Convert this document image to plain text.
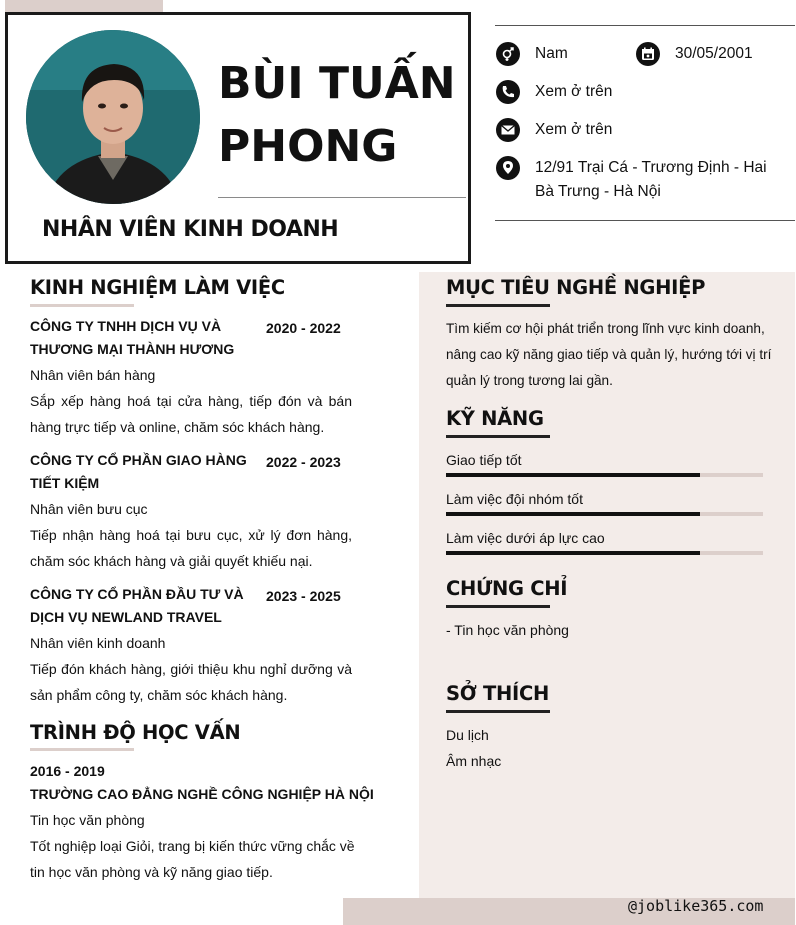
BÙI TUẤN
PHONG
NHÂN VIÊN KINH DOANH
Nam	30/05/2001
Xem ở trên
Xem ở trên
12/91 Trại Cá - Trương Định - Hai
Bà Trưng - Hà Nội
KINH NGHIỆM LÀM VIỆC
CÔNG TY TNHH DỊCH VỤ VÀ
THƯƠNG MẠI THÀNH HƯƠNG
2020 - 2022
Nhân viên bán hàng
Sắp xếp hàng hoá tại cửa hàng, tiếp đón và bán hàng trực tiếp và online, chăm sóc khách hàng.
CÔNG TY CỔ PHẦN GIAO HÀNG
TIẾT KIỆM
2022 - 2023
Nhân viên bưu cục
Tiếp nhận hàng hoá tại bưu cục, xử lý đơn hàng, chăm sóc khách hàng và giải quyết khiếu nại.
CÔNG TY CỔ PHẦN ĐẦU TƯ VÀ
DỊCH VỤ NEWLAND TRAVEL
2023 - 2025
Nhân viên kinh doanh
Tiếp đón khách hàng, giới thiệu khu nghỉ dưỡng và sản phẩm công ty, chăm sóc khách hàng.
TRÌNH ĐỘ HỌC VẤN
2016 - 2019
TRƯỜNG CAO ĐẲNG NGHỀ CÔNG NGHIỆP HÀ NỘI
Tin học văn phòng
Tốt nghiệp loại Giỏi, trang bị kiến thức vững chắc về tin học văn phòng và kỹ năng giao tiếp.
MỤC TIÊU NGHỀ NGHIỆP
Tìm kiếm cơ hội phát triển trong lĩnh vực kinh doanh, nâng cao kỹ năng giao tiếp và quản lý, hướng tới vị trí quản lý trong tương lai gần.
KỸ NĂNG
Giao tiếp tốt
Làm việc đội nhóm tốt
Làm việc dưới áp lực cao
CHỨNG CHỈ
- Tin học văn phòng
SỞ THÍCH
Du lịch
Âm nhạc
@joblike365.com
